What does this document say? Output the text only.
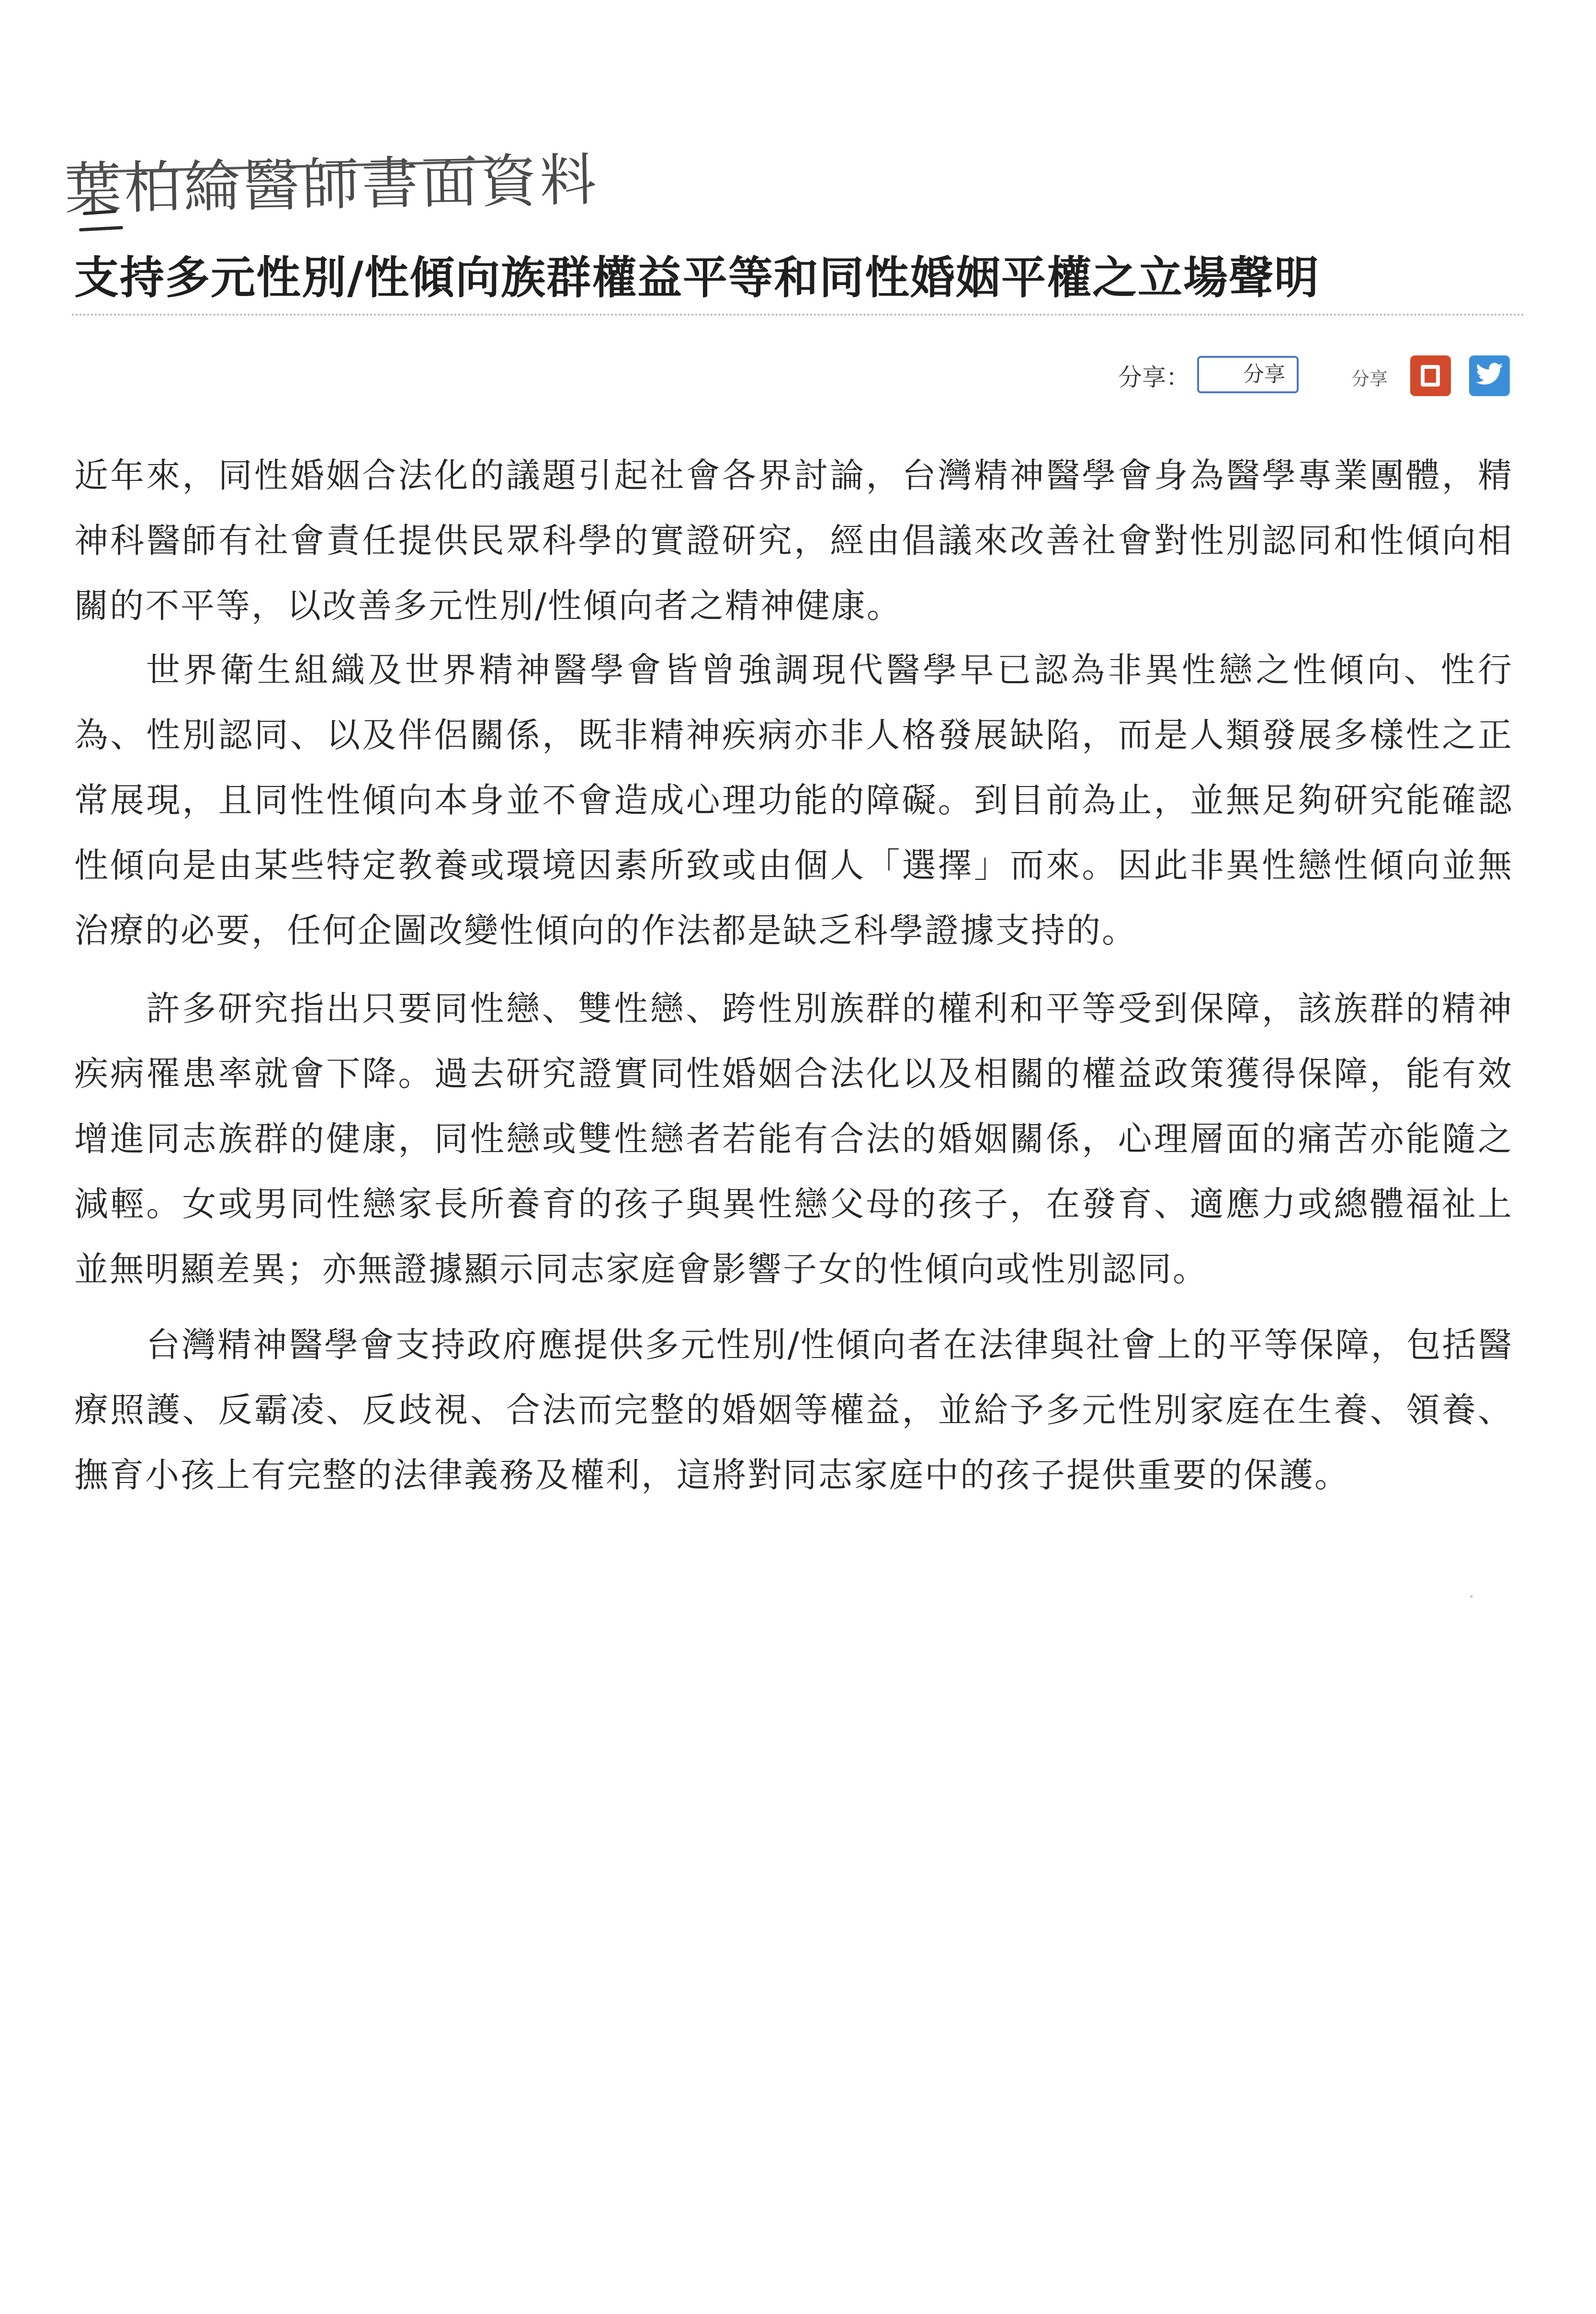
葉柏綸醫師書面資料
支持多元性別/性傾向族群權益平等和同性婚姻平權之立場聲明
分享：	分享	分享

近年來，同性婚姻合法化的議題引起社會各界討論，台灣精神醫學會身為醫學專業團體，精神科醫師有社會責任提供民眾科學的實證研究，經由倡議來改善社會對性別認同和性傾向相關的不平等，以改善多元性別/性傾向者之精神健康。

世界衛生組織及世界精神醫學會皆曾強調現代醫學早已認為非異性戀之性傾向、性行為、性別認同、以及伴侶關係，既非精神疾病亦非人格發展缺陷，而是人類發展多樣性之正常展現，且同性性傾向本身並不會造成心理功能的障礙。到目前為止，並無足夠研究能確認性傾向是由某些特定教養或環境因素所致或由個人「選擇」而來。因此非異性戀性傾向並無治療的必要，任何企圖改變性傾向的作法都是缺乏科學證據支持的。

許多研究指出只要同性戀、雙性戀、跨性別族群的權利和平等受到保障，該族群的精神疾病罹患率就會下降。過去研究證實同性婚姻合法化以及相關的權益政策獲得保障，能有效增進同志族群的健康，同性戀或雙性戀者若能有合法的婚姻關係，心理層面的痛苦亦能隨之減輕。女或男同性戀家長所養育的孩子與異性戀父母的孩子，在發育、適應力或總體福祉上並無明顯差異；亦無證據顯示同志家庭會影響子女的性傾向或性別認同。

台灣精神醫學會支持政府應提供多元性別/性傾向者在法律與社會上的平等保障，包括醫療照護、反霸凌、反歧視、合法而完整的婚姻等權益，並給予多元性別家庭在生養、領養、撫育小孩上有完整的法律義務及權利，這將對同志家庭中的孩子提供重要的保護。
